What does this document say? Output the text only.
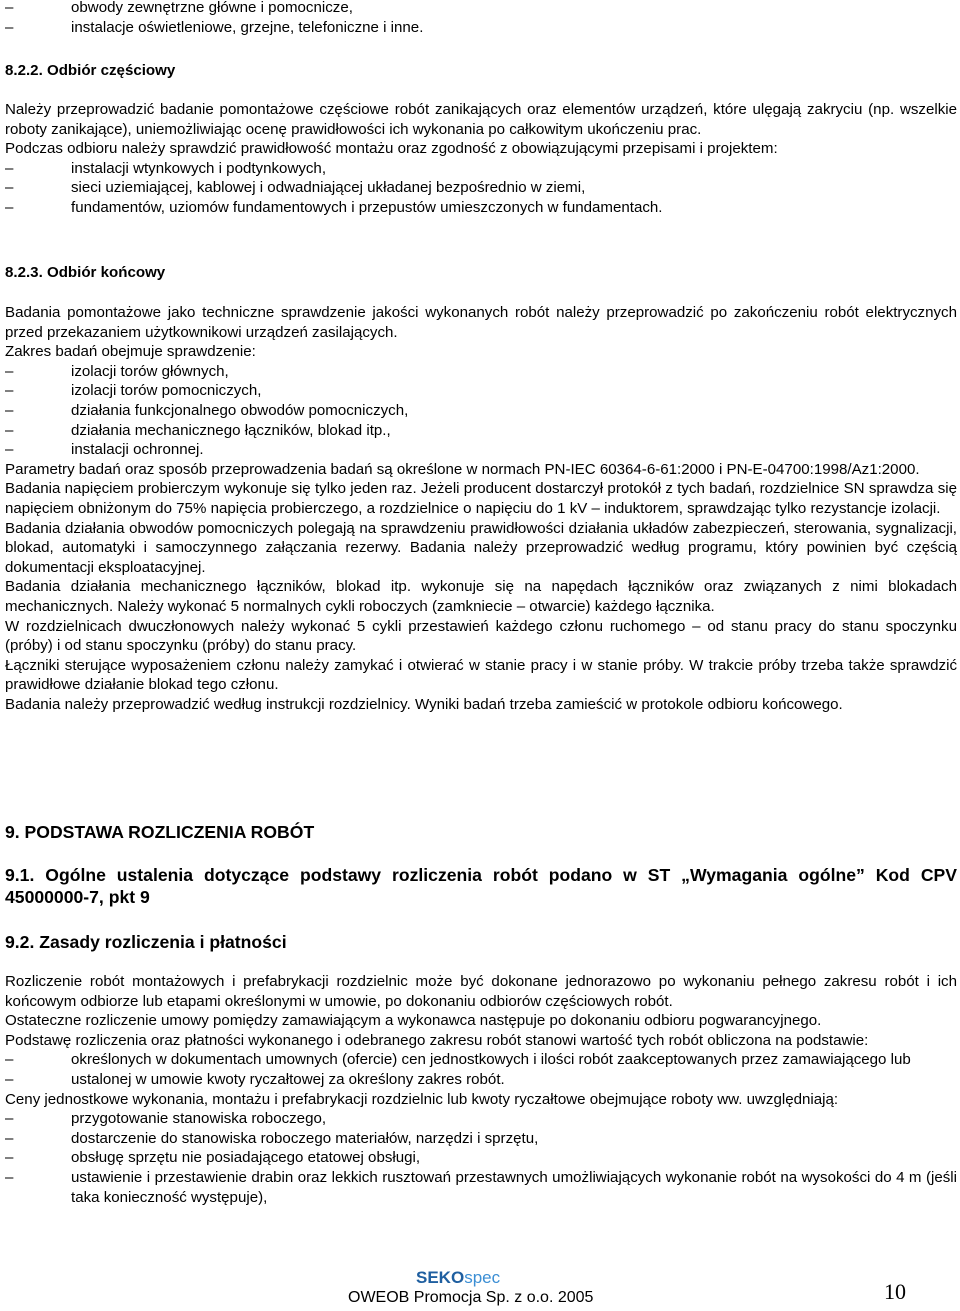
– obwody zewnętrzne główne i pomocnicze,
– instalacje oświetleniowe, grzejne, telefoniczne i inne.

8.2.2. Odbiór częściowy

Należy przeprowadzić badanie pomontażowe częściowe robót zanikających oraz elementów urządzeń, które ulęgają zakryciu (np. wszelkie roboty zanikające), uniemożliwiając ocenę prawidłowości ich wykonania po całkowitym ukończeniu prac.

Podczas odbioru należy sprawdzić prawidłowość montażu oraz zgodność z obowiązującymi przepisami i projektem:

– instalacji wtynkowych i podtynkowych,
– sieci uziemiającej, kablowej i odwadniającej układanej bezpośrednio w ziemi,
– fundamentów, uziomów fundamentowych i przepustów umieszczonych w fundamentach.

8.2.3. Odbiór końcowy

Badania pomontażowe jako techniczne sprawdzenie jakości wykonanych robót należy przeprowadzić po zakończeniu robót elektrycznych przed przekazaniem użytkownikowi urządzeń zasilających.

Zakres badań obejmuje sprawdzenie:

– izolacji torów głównych,
– izolacji torów pomocniczych,
– działania funkcjonalnego obwodów pomocniczych,
– działania mechanicznego łączników, blokad itp.,
– instalacji ochronnej.

Parametry badań oraz sposób przeprowadzenia badań są określone w normach PN-IEC 60364-6-61:2000 i PN-E-04700:1998/Az1:2000.

Badania napięciem probierczym wykonuje się tylko jeden raz. Jeżeli producent dostarczył protokół z tych badań, rozdzielnice SN sprawdza się napięciem obniżonym do 75% napięcia probierczego, a rozdzielnice o napięciu do 1 kV – induktorem, sprawdzając tylko rezystancje izolacji.

Badania działania obwodów pomocniczych polegają na sprawdzeniu prawidłowości działania układów zabezpieczeń, sterowania, sygnalizacji, blokad, automatyki i samoczynnego załączania rezerwy. Badania należy przeprowadzić według programu, który powinien być częścią dokumentacji eksploatacyjnej.

Badania działania mechanicznego łączników, blokad itp. wykonuje się na napędach łączników oraz związanych z nimi blokadach mechanicznych. Należy wykonać 5 normalnych cykli roboczych (zamkniecie – otwarcie) każdego łącznika.

W rozdzielnicach dwuczłonowych należy wykonać 5 cykli przestawień każdego członu ruchomego – od stanu pracy do stanu spoczynku (próby) i od stanu spoczynku (próby) do stanu pracy.

Łączniki sterujące wyposażeniem członu należy zamykać i otwierać w stanie pracy i w stanie próby. W trakcie próby trzeba także sprawdzić prawidłowe działanie blokad tego członu.

Badania należy przeprowadzić według instrukcji rozdzielnicy. Wyniki badań trzeba zamieścić w protokole odbioru końcowego.

9. PODSTAWA ROZLICZENIA ROBÓT

9.1. Ogólne ustalenia dotyczące podstawy rozliczenia robót podano w ST „Wymagania ogólne” Kod CPV 45000000-7, pkt 9

9.2. Zasady rozliczenia i płatności

Rozliczenie robót montażowych i prefabrykacji rozdzielnic może być dokonane jednorazowo po wykonaniu pełnego zakresu robót i ich końcowym odbiorze lub etapami określonymi w umowie, po dokonaniu odbiorów częściowych robót.

Ostateczne rozliczenie umowy pomiędzy zamawiającym a wykonawca następuje po dokonaniu odbioru pogwarancyjnego.

Podstawę rozliczenia oraz płatności wykonanego i odebranego zakresu robót stanowi wartość tych robót obliczona na podstawie:

– określonych w dokumentach umownych (ofercie) cen jednostkowych i ilości robót zaakceptowanych przez zamawiającego lub
– ustalonej w umowie kwoty ryczałtowej za określony zakres robót.

Ceny jednostkowe wykonania, montażu i prefabrykacji rozdzielnic lub kwoty ryczałtowe obejmujące roboty ww. uwzględniają:

– przygotowanie stanowiska roboczego,
– dostarczenie do stanowiska roboczego materiałów, narzędzi i sprzętu,
– obsługę sprzętu nie posiadającego etatowej obsługi,
– ustawienie i przestawienie drabin oraz lekkich rusztowań przestawnych umożliwiających wykonanie robót na wysokości do 4 m (jeśli taka konieczność występuje),
SEKOspec
OWEOB Promocja Sp. z o.o. 2005	10
